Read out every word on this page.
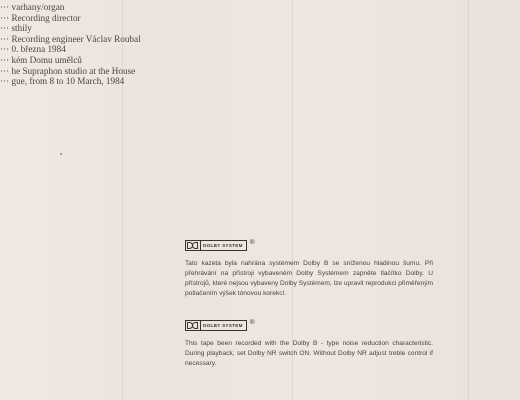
··· varhany/organ
··· Recording director
··· sthily
··· Recording engineer Václav Roubal
··· 0. března 1984
··· kém Domu umělců
··· he Supraphon studio at the House
··· gue, from 8 to 10 March, 1984
DOLBY SYSTEM	®
Tato kazeta byla nahrána systémem Dolby B se sníženou hladinou šumu. Při přehrávání na přístroji vybaveném Dolby Systémem zapněte tlačítko Dolby. U přístrojů, které nejsou vybaveny Dolby Systémem, lze upravit reprodukci přiměřeným potlačením výšek tónovou korekcí.
DOLBY SYSTEM	®
This tape been recorded with the Dolby B - type noise reduction characteristic. During playback, set Dolby NR switch ON. Without Dolby NR adjust treble control if necessary.
